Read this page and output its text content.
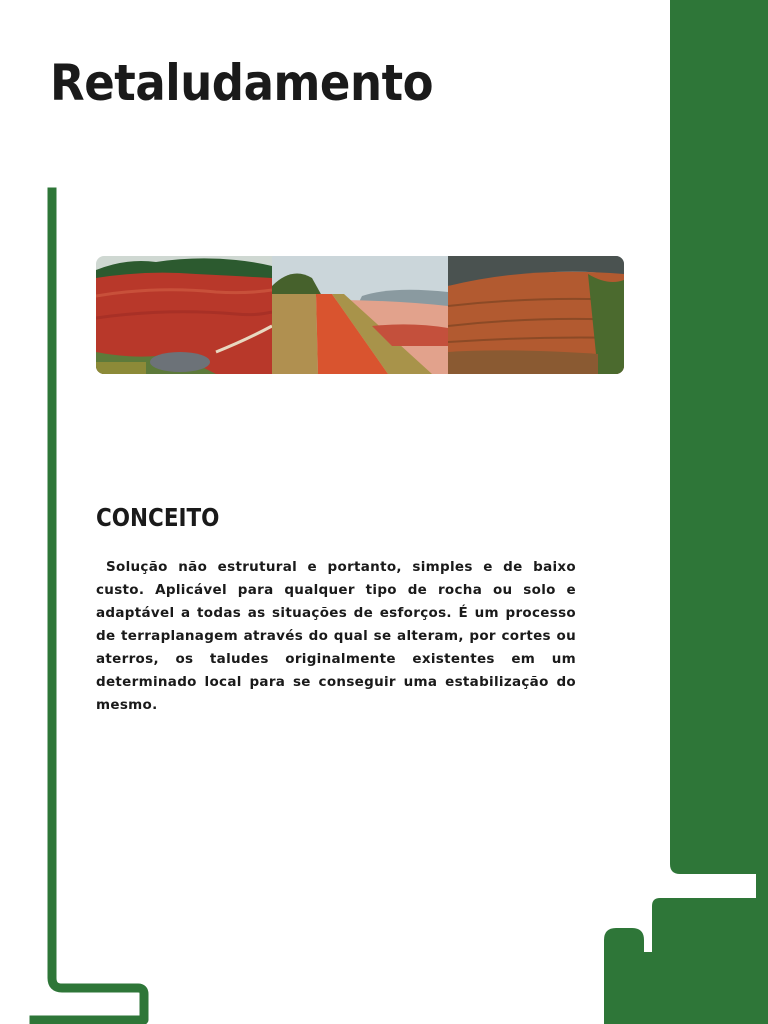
Retaludamento
CONCEITO

Solução não estrutural e portanto, simples e de baixo custo. Aplicável para qualquer tipo de rocha ou solo e adaptável a todas as situações de esforços. É um processo de terraplanagem através do qual se alteram, por cortes ou aterros, os taludes originalmente existentes em um determinado local para se conseguir uma estabilização do mesmo.
